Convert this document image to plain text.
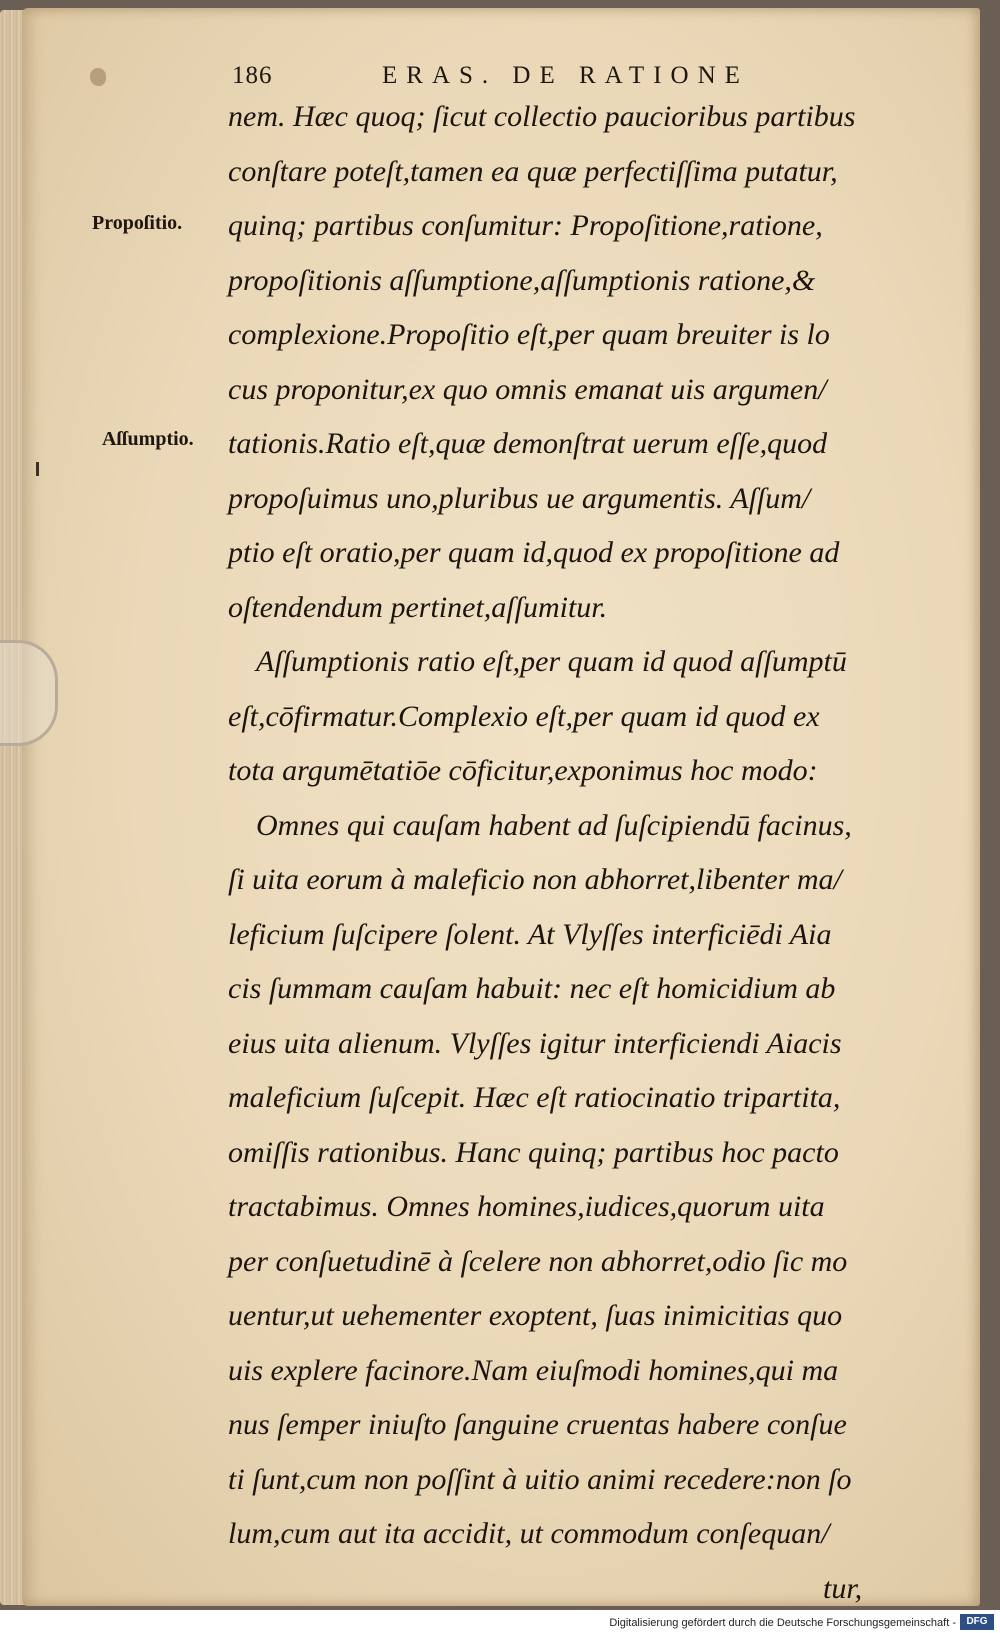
186	ERAS. DE RATIONE
Propoſitio.
Aſſumptio.
nem. Hæc quoq; ſicut collectio paucioribus partibus
conſtare poteſt,tamen ea quæ perfectiſſima putatur,
quinq; partibus conſumitur: Propoſitione,ratione,
propoſitionis aſſumptione,aſſumptionis ratione,&
complexione.Propoſitio eſt,per quam breuiter is lo
cus proponitur,ex quo omnis emanat uis argumen/
tationis.Ratio eſt,quæ demonſtrat uerum eſſe,quod
propoſuimus uno,pluribus ue argumentis. Aſſum/
ptio eſt oratio,per quam id,quod ex propoſitione ad
oſtendendum pertinet,aſſumitur.
Aſſumptionis ratio eſt,per quam id quod aſſumptū
eſt,cōfirmatur.Complexio eſt,per quam id quod ex
tota argumētatiōe cōficitur,exponimus hoc modo:
Omnes qui cauſam habent ad ſuſcipiendū facinus,
ſi uita eorum à maleficio non abhorret,libenter ma/
leficium ſuſcipere ſolent. At Vlyſſes interficiēdi Aia
cis ſummam cauſam habuit: nec eſt homicidium ab
eius uita alienum. Vlyſſes igitur interficiendi Aiacis
maleficium ſuſcepit. Hæc eſt ratiocinatio tripartita,
omiſſis rationibus. Hanc quinq; partibus hoc pacto
tractabimus. Omnes homines,iudices,quorum uita
per conſuetudinē à ſcelere non abhorret,odio ſic mo
uentur,ut uehementer exoptent, ſuas inimicitias quo
uis explere facinore.Nam eiuſmodi homines,qui ma
nus ſemper iniuſto ſanguine cruentas habere conſue
ti ſunt,cum non poſſint à uitio animi recedere:non ſo
lum,cum aut ita accidit, ut commodum conſequan/
tur,
Digitalisierung gefördert durch die Deutsche Forschungsgemeinschaft -	DFG
